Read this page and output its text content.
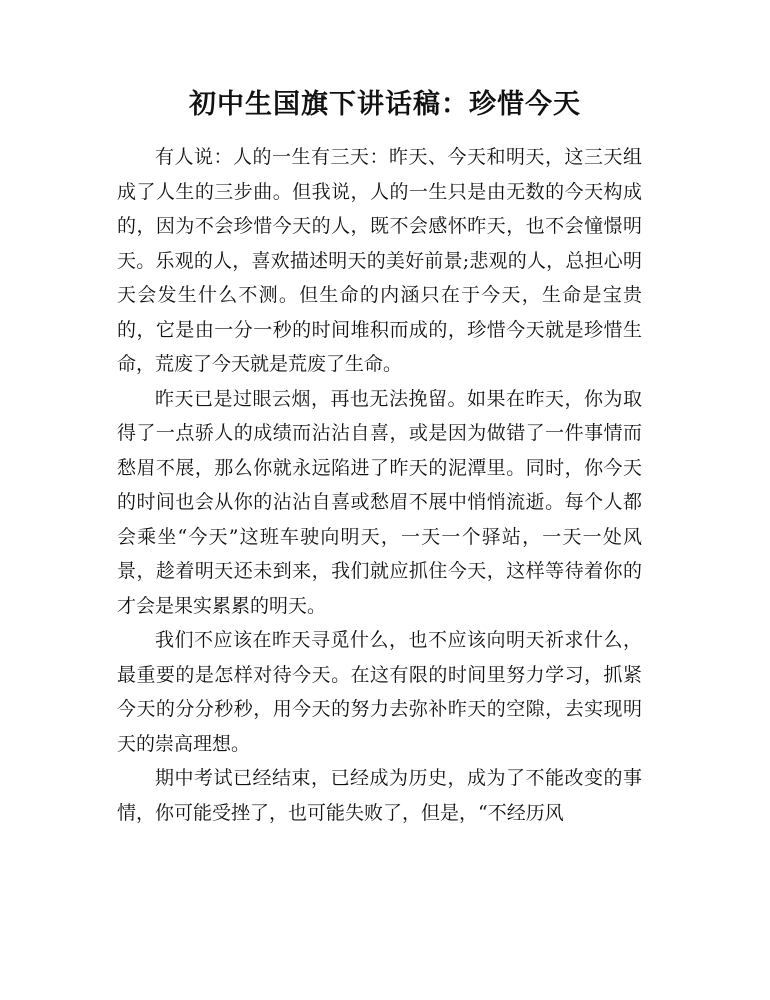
初中生国旗下讲话稿：珍惜今天

有人说：人的一生有三天：昨天、今天和明天，这三天组成了人生的三步曲。但我说，人的一生只是由无数的今天构成的，因为不会珍惜今天的人，既不会感怀昨天，也不会憧憬明天。乐观的人，喜欢描述明天的美好前景;悲观的人，总担心明天会发生什么不测。但生命的内涵只在于今天，生命是宝贵的，它是由一分一秒的时间堆积而成的，珍惜今天就是珍惜生命，荒废了今天就是荒废了生命。

昨天已是过眼云烟，再也无法挽留。如果在昨天，你为取得了一点骄人的成绩而沾沾自喜，或是因为做错了一件事情而愁眉不展，那么你就永远陷进了昨天的泥潭里。同时，你今天的时间也会从你的沾沾自喜或愁眉不展中悄悄流逝。每个人都会乘坐“今天”这班车驶向明天，一天一个驿站，一天一处风景，趁着明天还未到来，我们就应抓住今天，这样等待着你的才会是果实累累的明天。

我们不应该在昨天寻觅什么，也不应该向明天祈求什么，最重要的是怎样对待今天。在这有限的时间里努力学习，抓紧今天的分分秒秒，用今天的努力去弥补昨天的空隙，去实现明天的崇高理想。

期中考试已经结束，已经成为历史，成为了不能改变的事情，你可能受挫了，也可能失败了，但是，“不经历风
